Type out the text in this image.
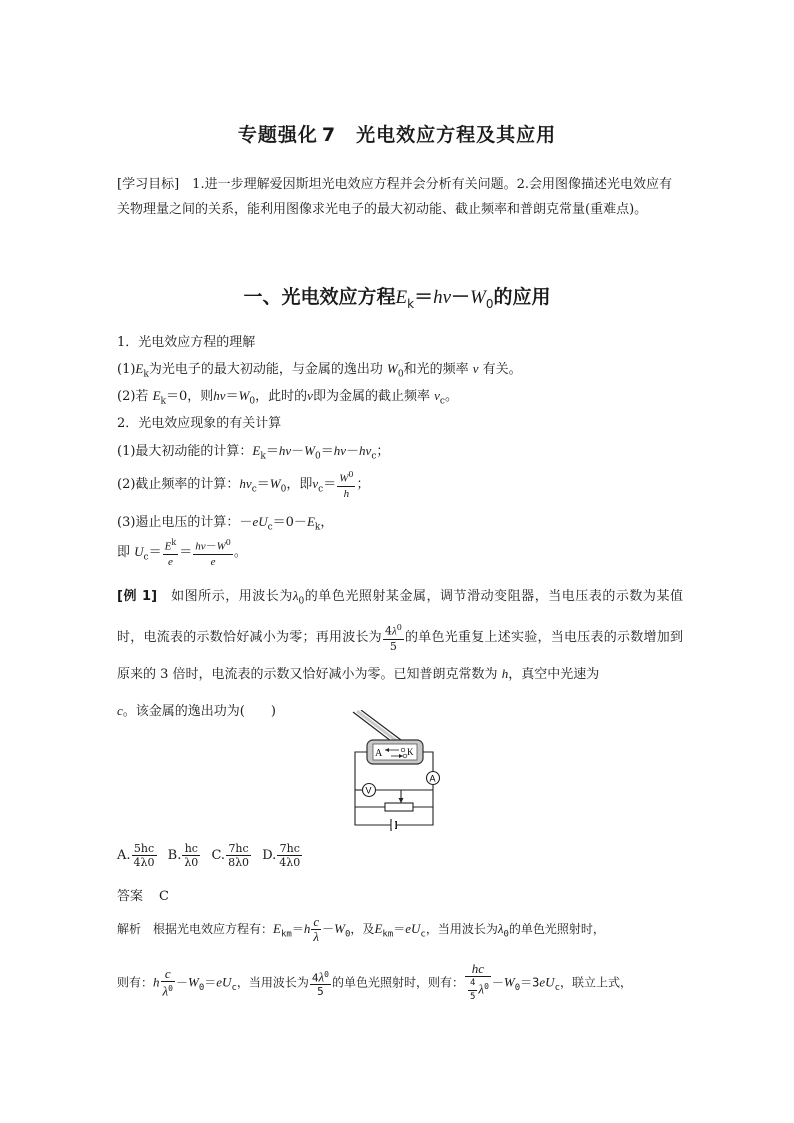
专题强化 7 光电效应方程及其应用
[学习目标]　 1.进一步理解爱因斯坦光电效应方程并会分析有关问题。2.会用图像描述光电效应有关物理量之间的关系，能利用图像求光电子的最大初动能、截止频率和普朗克常量(重难点)。
一、光电效应方程$E_k=h\nu-W_0$的应用
1．光电效应方程的理解
$(1)E_k$为光电子的最大初动能，与金属的逸出功 $W_0$和光的频率 ν 有关。
(2)若 $E_k=0$，则$h\nu=W_0$，此时的ν即为金属的截止频率 $\nu_c$。
2．光电效应现象的有关计算
(1)最大初动能的计算：$E_k=h\nu-W_0=h\nu-h\nu_c$；
(2)截止频率的计算：$h\nu_c=W_0$，即$\nu_c= \frac{W^0}{h}$ ；
(3)遏止电压的计算：$-eU_c=0-E_k$，
即 $U_c= \frac{E^k}{e} = \frac{h\nu-W^0}{e}$ 。
[例 1]　 如图所示，用波长为$\lambda_0$的单色光照射某金属，调节滑动变阻器，当电压表的示数为某值时，电流表的示数恰好减小为零；再用波长为 $\frac{4\lambda^0}{5}$ 的单色光重复上述实验，当电压表的示数增加到原来的 3 倍时，电流表的示数又恰好减小为零。已知普朗克常数为 h，真空中光速为
c。该金属的逸出功为(　　)
A	K
A
V
A. $\frac{5hc}{4\lambda 0} B$. $\frac{hc}{\lambda 0} C$. $\frac{7hc}{8\lambda 0} D$. $\frac{7hc}{4\lambda 0}$
答案 C
解析　 根据光电效应方程有：$E_{km}=h \frac{c}{\lambda} -W_0$，及$E_{km}=eU_c$，当用波长为$\lambda_0$的单色光照射时，
则有：h $\frac{c}{\lambda^0} -W_0=eU_c$，当用波长为 $\frac{4\lambda^0}{5}$ 的单色光照射时，则有： $\frac{hc}{\frac{4}{5} \lambda^0} -W_0=3eU_c$，联立上式，
